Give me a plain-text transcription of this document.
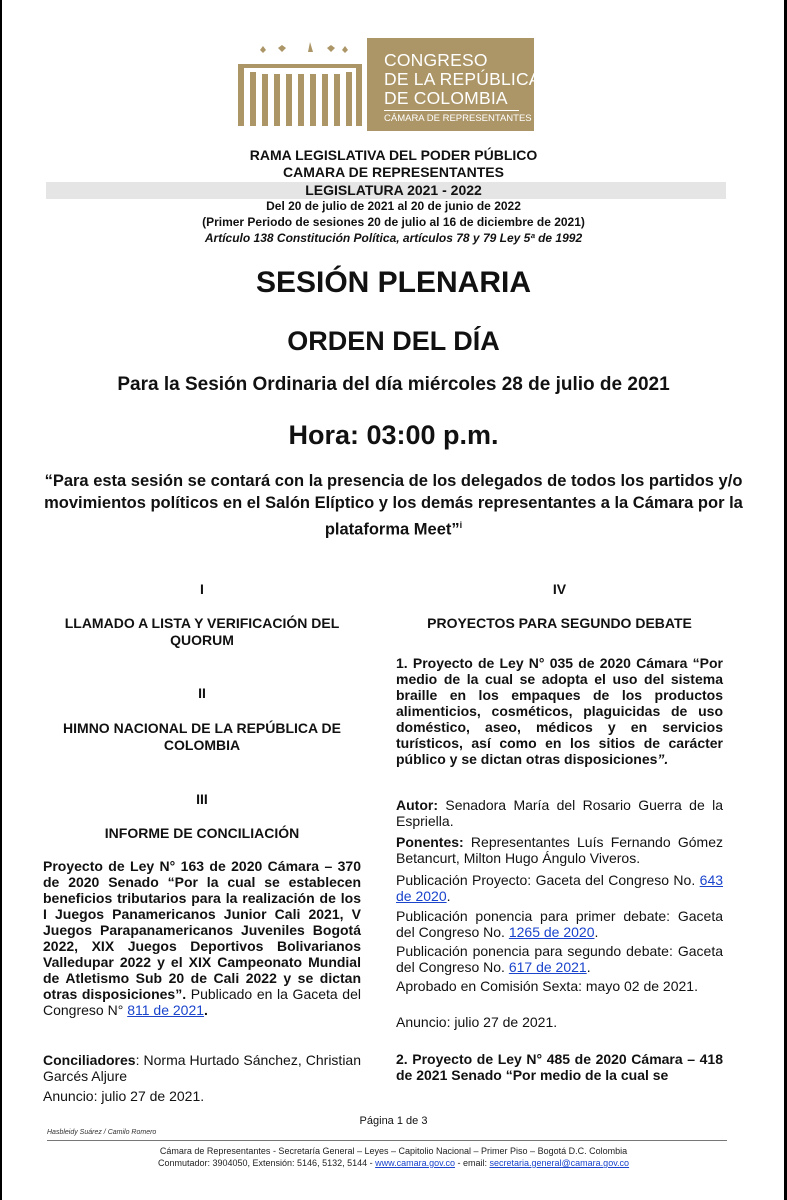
CONGRESO
DE LA REPÚBLICA
DE COLOMBIA
CÁMARA DE REPRESENTANTES
RAMA LEGISLATIVA DEL PODER PÚBLICO
CAMARA DE REPRESENTANTES
LEGISLATURA 2021 - 2022
Del 20 de julio de 2021 al 20 de junio de 2022
(Primer Periodo de sesiones 20 de julio al 16 de diciembre de 2021)
Artículo 138 Constitución Política, artículos 78 y 79 Ley 5ª de 1992
SESIÓN PLENARIA
ORDEN DEL DÍA
Para la Sesión Ordinaria del día miércoles 28 de julio de 2021
Hora: 03:00 p.m.
“Para esta sesión se contará con la presencia de los delegados de todos los partidos y/o movimientos políticos en el Salón Elíptico y los demás representantes a la Cámara por la plataforma Meet”$^i$
I
LLAMADO A LISTA Y VERIFICACIÓN DEL QUORUM
II
HIMNO NACIONAL DE LA REPÚBLICA DE COLOMBIA
III
INFORME DE CONCILIACIÓN
Proyecto de Ley N° 163 de 2020 Cámara – 370 de 2020 Senado “Por la cual se establecen beneficios tributarios para la realización de los I Juegos Panamericanos Junior Cali 2021, V Juegos Parapanamericanos Juveniles Bogotá 2022, XIX Juegos Deportivos Bolivarianos Valledupar 2022 y el XIX Campeonato Mundial de Atletismo Sub 20 de Cali 2022 y se dictan otras disposiciones”. Publicado en la Gaceta del Congreso N° 811 de 2021.
Conciliadores: Norma Hurtado Sánchez, Christian Garcés Aljure
Anuncio: julio 27 de 2021.
IV
PROYECTOS PARA SEGUNDO DEBATE
1. Proyecto de Ley N° 035 de 2020 Cámara “Por medio de la cual se adopta el uso del sistema braille en los empaques de los productos alimenticios, cosméticos, plaguicidas de uso doméstico, aseo, médicos y en servicios turísticos, así como en los sitios de carácter público y se dictan otras disposiciones”.
Autor: Senadora María del Rosario Guerra de la Espriella.
Ponentes: Representantes Luís Fernando Gómez Betancurt, Milton Hugo Ángulo Viveros.
Publicación Proyecto: Gaceta del Congreso No. 643 de 2020.
Publicación ponencia para primer debate: Gaceta del Congreso No. 1265 de 2020.
Publicación ponencia para segundo debate: Gaceta del Congreso No. 617 de 2021.
Aprobado en Comisión Sexta: mayo 02 de 2021.
Anuncio: julio 27 de 2021.
2. Proyecto de Ley N° 485 de 2020 Cámara – 418 de 2021 Senado “Por medio de la cual se
Página 1 de 3
Hasbleidy Suárez / Camilo Romero
Cámara de Representantes - Secretaría General – Leyes – Capitolio Nacional – Primer Piso – Bogotá D.C. Colombia
Conmutador: 3904050, Extensión: 5146, 5132, 5144 - www.camara.gov.co - email: secretaria.general@camara.gov.co
